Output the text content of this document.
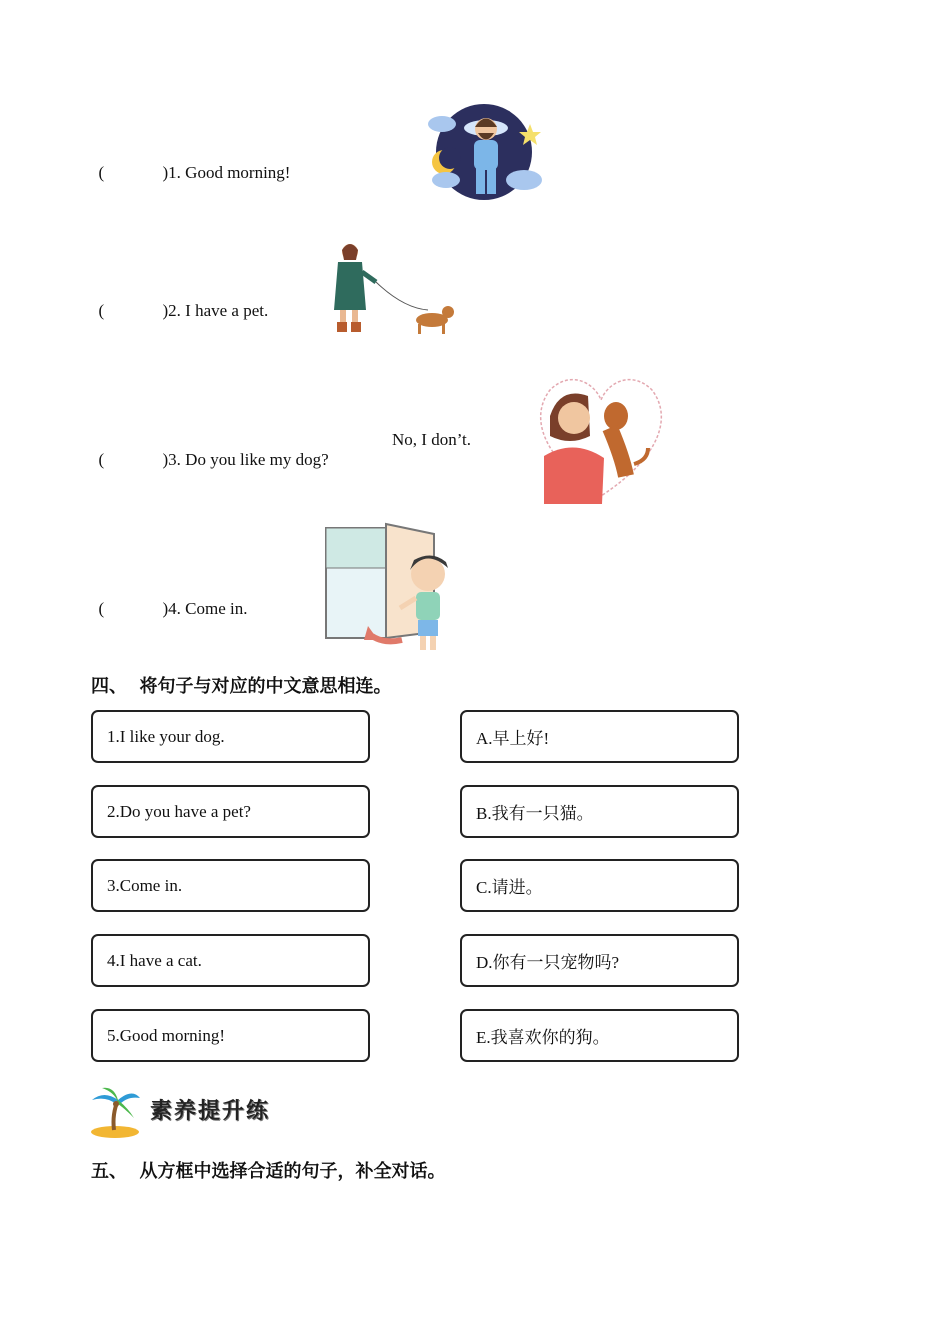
(	)1. Good morning!

(	)2. I have a pet.

(	)3. Do you like my dog?

No, I don’t.

(	)4. Come in.

四、  将句子与对应的中文意思相连。
1.I like your dog.
2.Do you have a pet?
3.Come in.
4.I have a cat.
5.Good morning!
A.早上好!
B.我有一只猫。
C.请进。
D.你有一只宠物吗?
E.我喜欢你的狗。
素养提升练
五、  从方框中选择合适的句子，补全对话。
